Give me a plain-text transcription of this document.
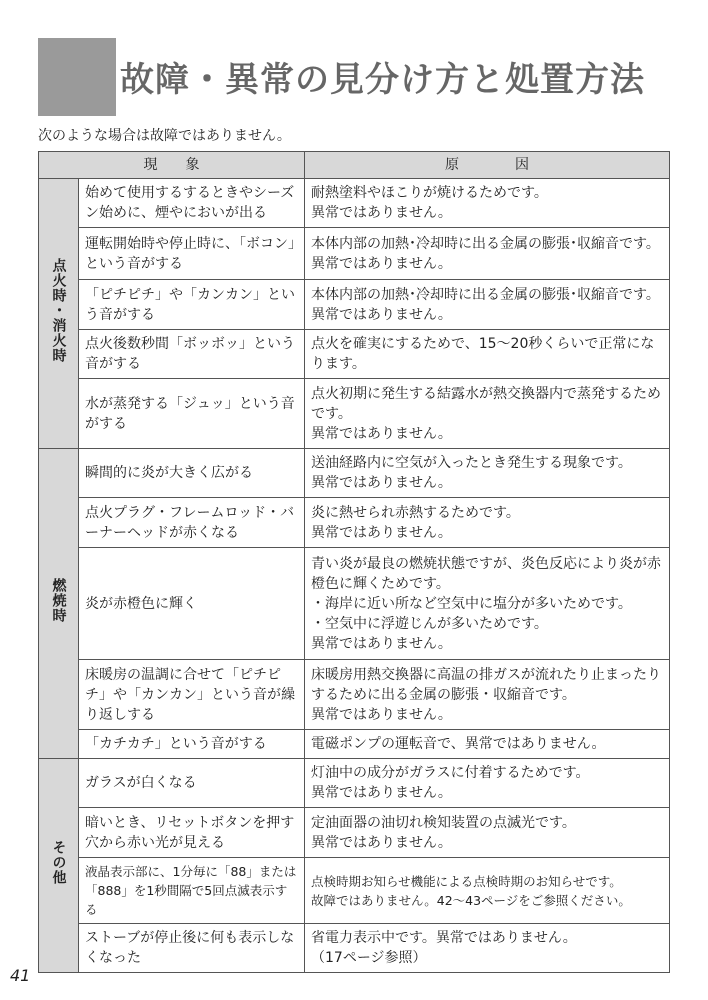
故障・異常の見分け方と処置方法
次のような場合は故障ではありません。
現　　象		原　　　　因
点火時・消火時	始めて使用するするときやシーズン始めに、煙やにおいが出る	耐熱塗料やほこりが焼けるためです。
異常ではありません。

	運転開始時や停止時に、「ボコン」という音がする	本体内部の加熱･冷却時に出る金属の膨張･収縮音です。
異常ではありません。

	「ピチピチ」や「カンカン」という音がする	本体内部の加熱･冷却時に出る金属の膨張･収縮音です。
異常ではありません。

	点火後数秒間「ボッボッ」という音がする	点火を確実にするためで、15～20秒くらいで正常になります。

	水が蒸発する「ジュッ」という音がする	点火初期に発生する結露水が熱交換器内で蒸発するためです。
異常ではありません。

燃焼時	瞬間的に炎が大きく広がる	送油経路内に空気が入ったとき発生する現象です。
異常ではありません。

	点火プラグ・フレームロッド・バーナーヘッドが赤くなる	炎に熱せられ赤熱するためです。
異常ではありません。

	炎が赤橙色に輝く	青い炎が最良の燃焼状態ですが、炎色反応により炎が赤橙色に輝くためです。
・海岸に近い所など空気中に塩分が多いためです。
・空気中に浮遊じんが多いためです。
異常ではありません。

	床暖房の温調に合せて「ピチピチ」や「カンカン」という音が繰り返しする	床暖房用熱交換器に高温の排ガスが流れたり止まったりするために出る金属の膨張・収縮音です。
異常ではありません。

	「カチカチ」という音がする	電磁ポンプの運転音で、異常ではありません。

その他	ガラスが白くなる	灯油中の成分がガラスに付着するためです。
異常ではありません。

	暗いとき、リセットボタンを押す穴から赤い光が見える	定油面器の油切れ検知装置の点滅光です。
異常ではありません。

	液晶表示部に、1分毎に「88」または「888」を1秒間隔で5回点滅表示する	点検時期お知らせ機能による点検時期のお知らせです。
故障ではありません。42～43ページをご参照ください。

	ストーブが停止後に何も表示しなくなった	省電力表示中です。異常ではありません。
（17ページ参照）
41
